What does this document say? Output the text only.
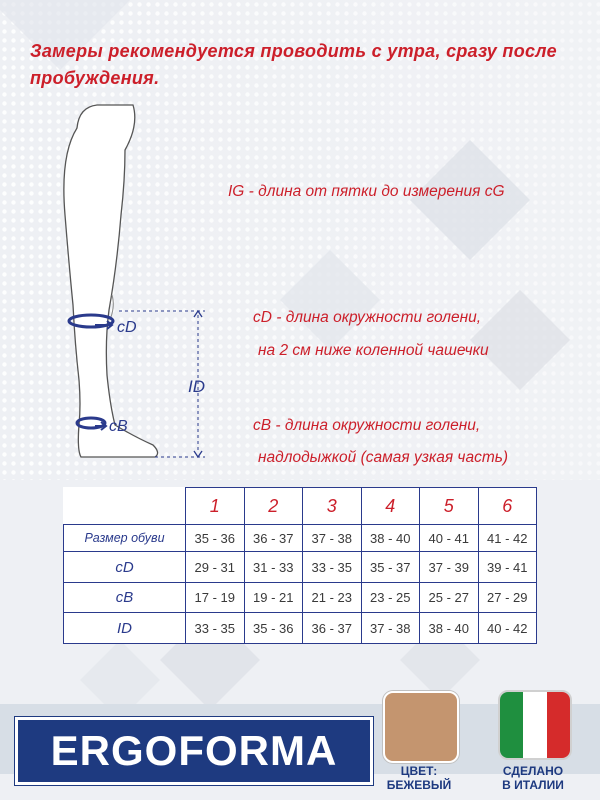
Замеры рекомендуется проводить с утра, сразу после пробуждения.
cD
cB
ID
IG - длина от пятки до измерения cG
cD - длина окружности голени,
на 2 см ниже коленной чашечки
cB - длина окружности голени,
надлодыжкой (самая узкая часть)
	1	2	3	4	5	6
Размер обуви	35 - 36	36 - 37	37 - 38	38 - 40	40 - 41	41 - 42
cD	29 - 31	31 - 33	33 - 35	35 - 37	37 - 39	39 - 41
cB	17 - 19	19 - 21	21 - 23	23 - 25	25 - 27	27 - 29
ID	33 - 35	35 - 36	36 - 37	37 - 38	38 - 40	40 - 42
ERGOFORMA	ЦВЕТ:
БЕЖЕВЫЙ
СДЕЛАНО
В ИТАЛИИ
